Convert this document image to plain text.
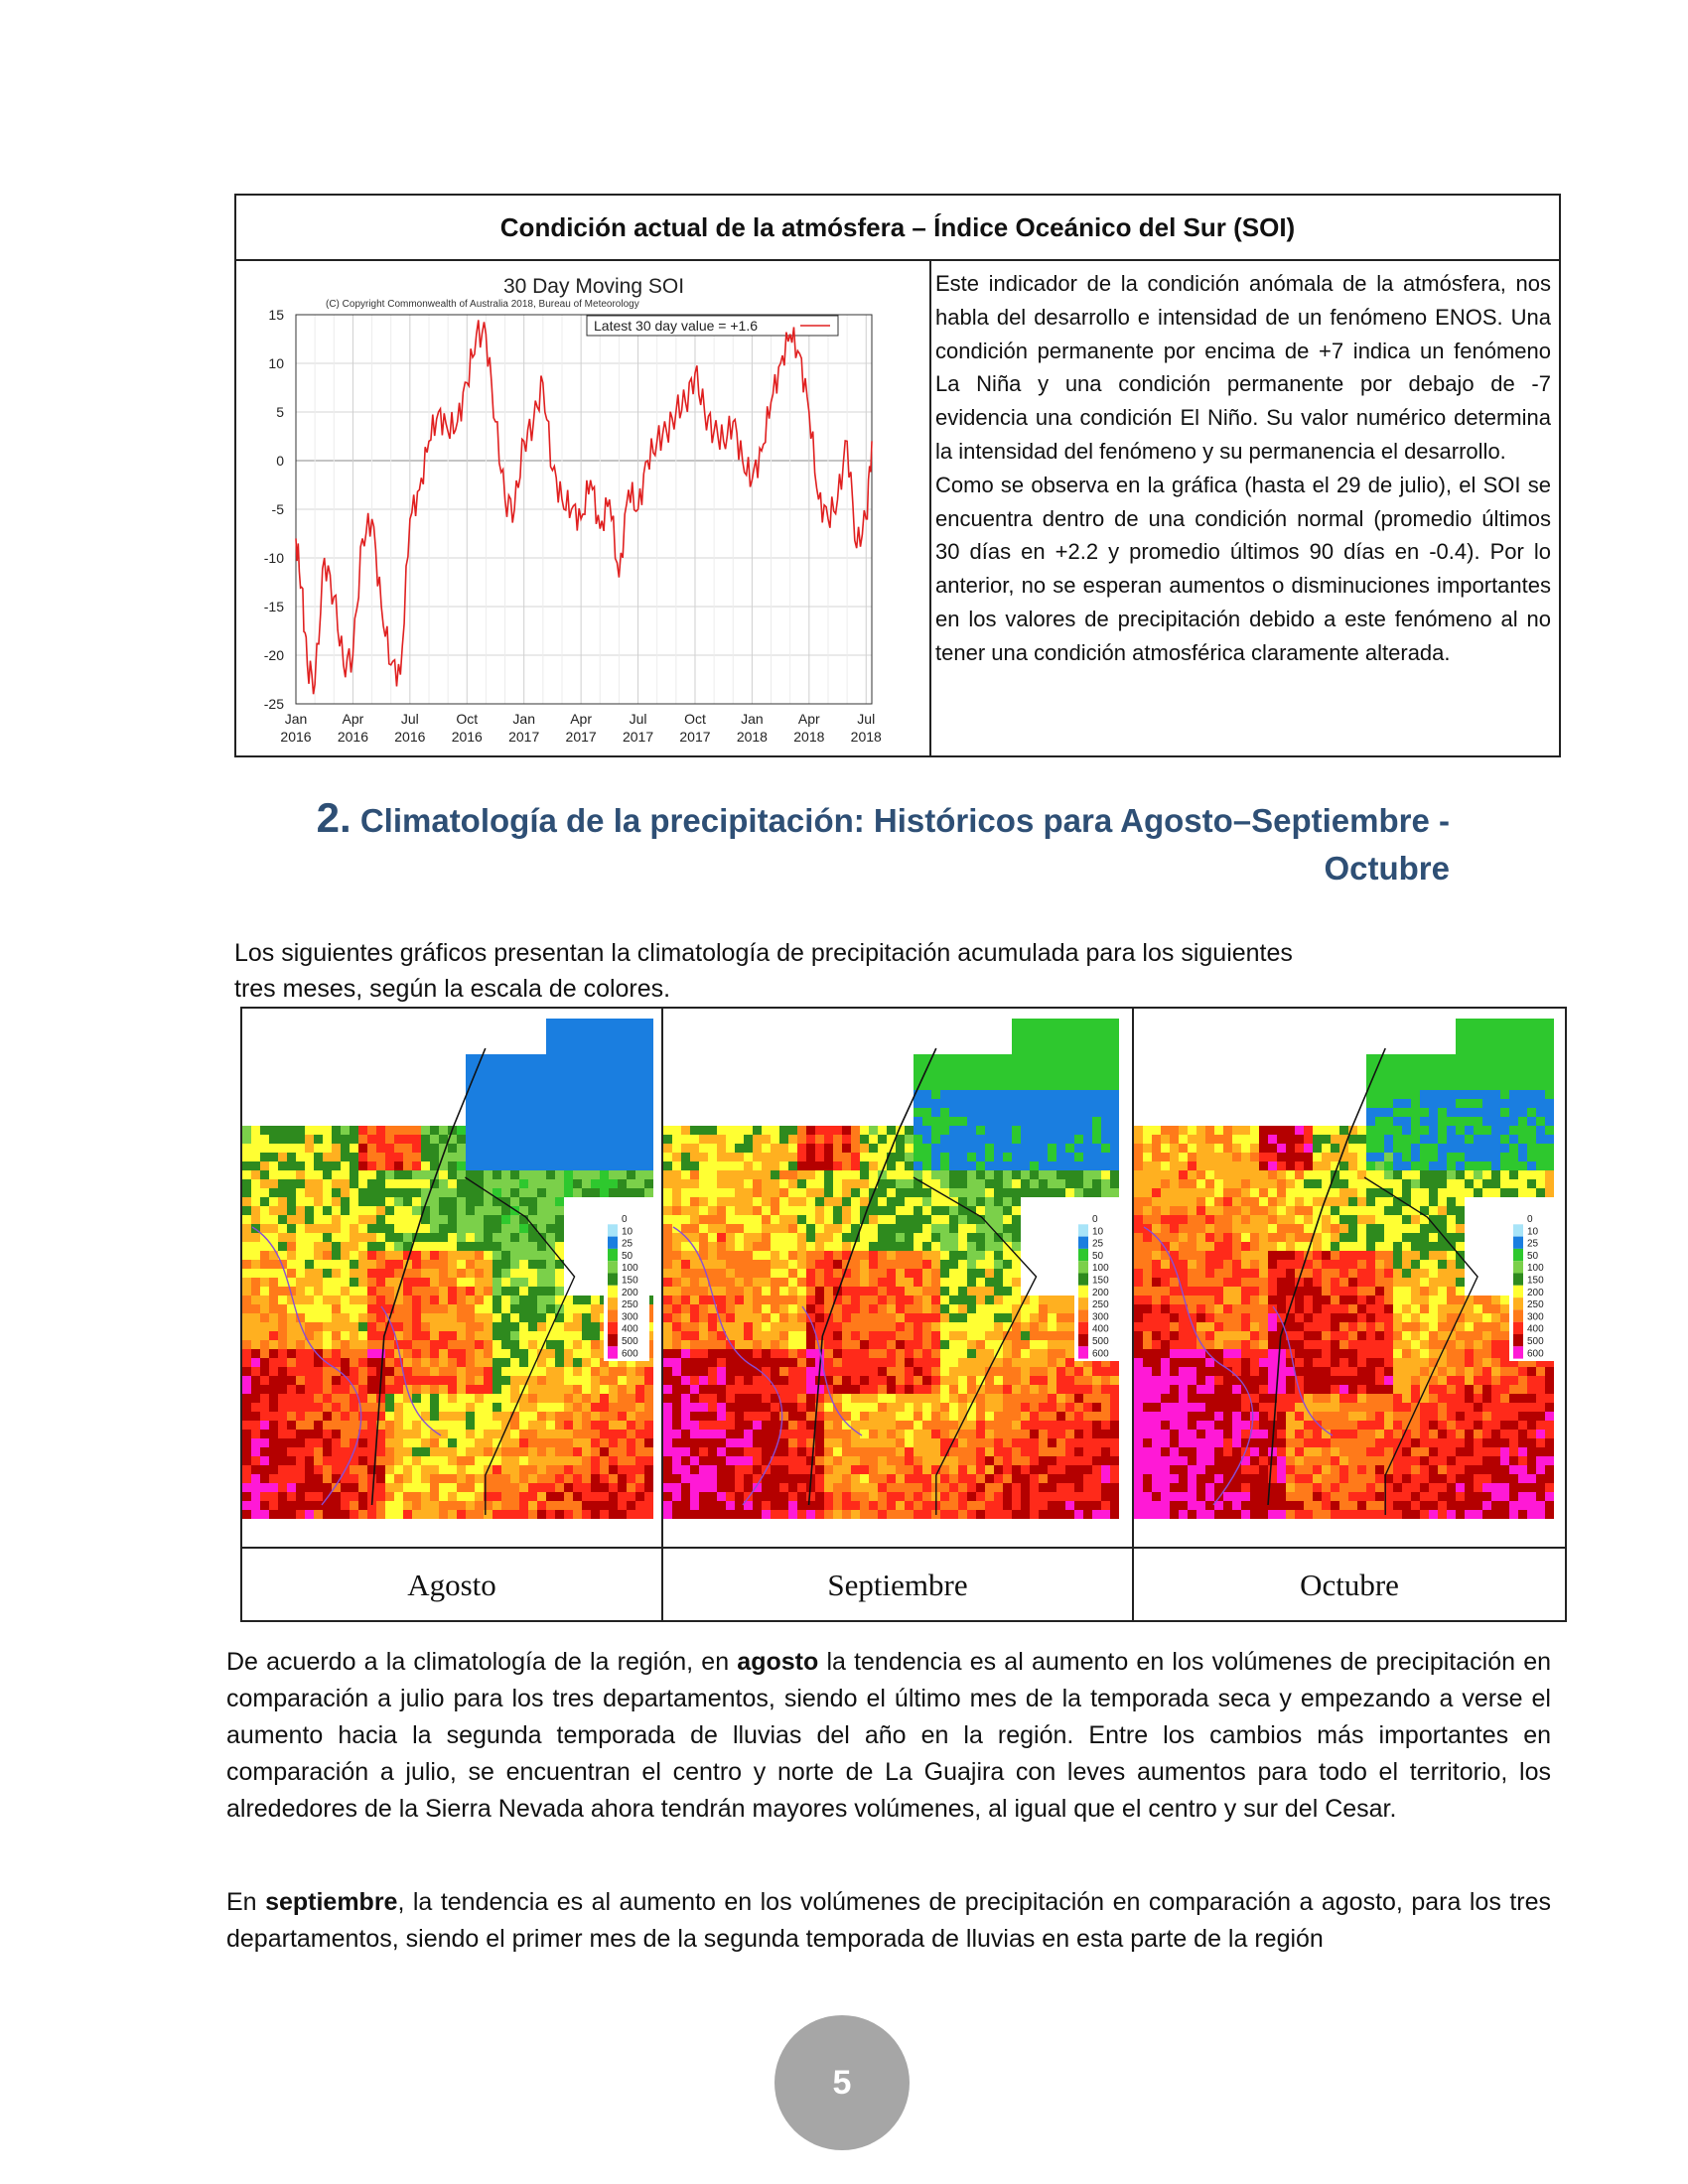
Condición actual de la atmósfera – Índice Oceánico del Sur (SOI)
30 Day Moving SOI
(C) Copyright Commonwealth of Australia 2018, Bureau of Meteorology
Latest 30 day value = +1.6
15
10
5
0
-5
-10
-15
-20
-25
Jan
2016
Apr
2016
Jul
2016
Oct
2016
Jan
2017
Apr
2017
Jul
2017
Oct
2017
Jan
2018
Apr
2018
Jul
2018

Este indicador de la condición anómala de la atmósfera, nos habla del desarrollo e intensidad de un fenómeno ENOS. Una condición permanente por encima de +7 indica un fenómeno La Niña y una condición permanente por debajo de -7 evidencia una condición El Niño. Su valor numérico determina la intensidad del fenómeno y su permanencia el desarrollo.

Como se observa en la gráfica (hasta el 29 de julio), el SOI se encuentra dentro de una condición normal (promedio últimos 30 días en +2.2 y promedio últimos 90 días en -0.4). Por lo anterior, no se esperan aumentos o disminuciones importantes en los valores de precipitación debido a este fenómeno al no tener una condición atmosférica claramente alterada.

2. Climatología de la precipitación: Históricos para Agosto–Septiembre -
Octubre
Los siguientes gráficos presentan la climatología de precipitación acumulada para los siguientes
tres meses, según la escala de colores.
0
10
25
50
100
150
200
250
300
400
500
600
0
10
25
50
100
150
200
250
300
400
500
600
0
10
25
50
100
150
200
250
300
400
500
600
Agosto	Septiembre	Octubre

De acuerdo a la climatología de la región, en agosto la tendencia es al aumento en los volúmenes de precipitación en comparación a julio para los tres departamentos, siendo el último mes de la temporada seca y empezando a verse el aumento hacia la segunda temporada de lluvias del año en la región. Entre los cambios más importantes en comparación a julio, se encuentran el centro y norte de La Guajira con leves aumentos para todo el territorio, los alrededores de la Sierra Nevada ahora tendrán mayores volúmenes, al igual que el centro y sur del Cesar.

En septiembre, la tendencia es al aumento en los volúmenes de precipitación en comparación a agosto, para los tres departamentos, siendo el primer mes de la segunda temporada de lluvias en esta parte de la región

5
